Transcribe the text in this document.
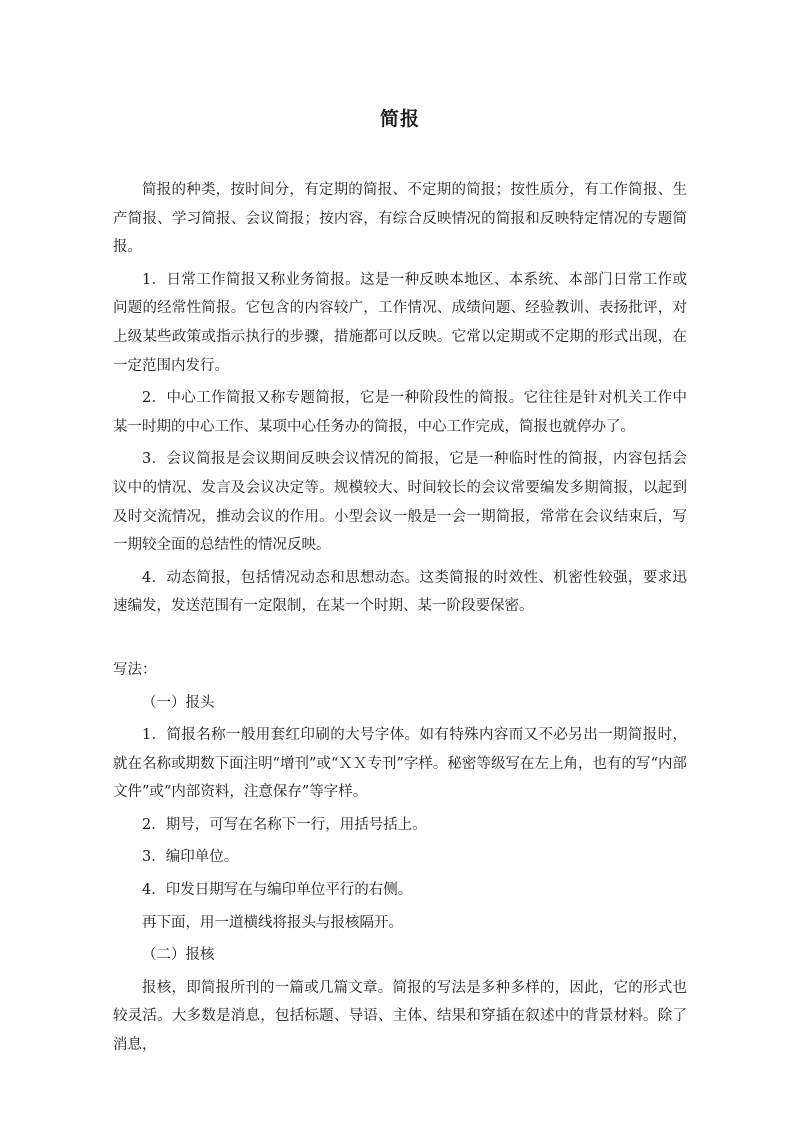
简报

简报的种类，按时间分，有定期的简报、不定期的简报；按性质分，有工作简报、生产简报、学习简报、会议简报；按内容，有综合反映情况的简报和反映特定情况的专题简报。

1．日常工作简报又称业务简报。这是一种反映本地区、本系统、本部门日常工作或问题的经常性简报。它包含的内容较广，工作情况、成绩问题、经验教训、表扬批评，对上级某些政策或指示执行的步骤，措施都可以反映。它常以定期或不定期的形式出现，在一定范围内发行。

2．中心工作简报又称专题简报，它是一种阶段性的简报。它往往是针对机关工作中某一时期的中心工作、某项中心任务办的简报，中心工作完成，简报也就停办了。

3．会议简报是会议期间反映会议情况的简报，它是一种临时性的简报，内容包括会议中的情况、发言及会议决定等。规模较大、时间较长的会议常要编发多期简报，以起到及时交流情况，推动会议的作用。小型会议一般是一会一期简报，常常在会议结束后，写一期较全面的总结性的情况反映。

4．动态简报，包括情况动态和思想动态。这类简报的时效性、机密性较强，要求迅速编发，发送范围有一定限制，在某一个时期、某一阶段要保密。

写法：

（一）报头

1．简报名称一般用套红印刷的大号字体。如有特殊内容而又不必另出一期简报时，就在名称或期数下面注明“增刊”或“ＸＸ专刊”字样。秘密等级写在左上角，也有的写“内部文件”或“内部资料，注意保存”等字样。

2．期号，可写在名称下一行，用括号括上。

3．编印单位。

4．印发日期写在与编印单位平行的右侧。

再下面，用一道横线将报头与报核隔开。

（二）报核

报核，即简报所刊的一篇或几篇文章。简报的写法是多种多样的，因此，它的形式也较灵活。大多数是消息，包括标题、导语、主体、结果和穿插在叙述中的背景材料。除了消息，
